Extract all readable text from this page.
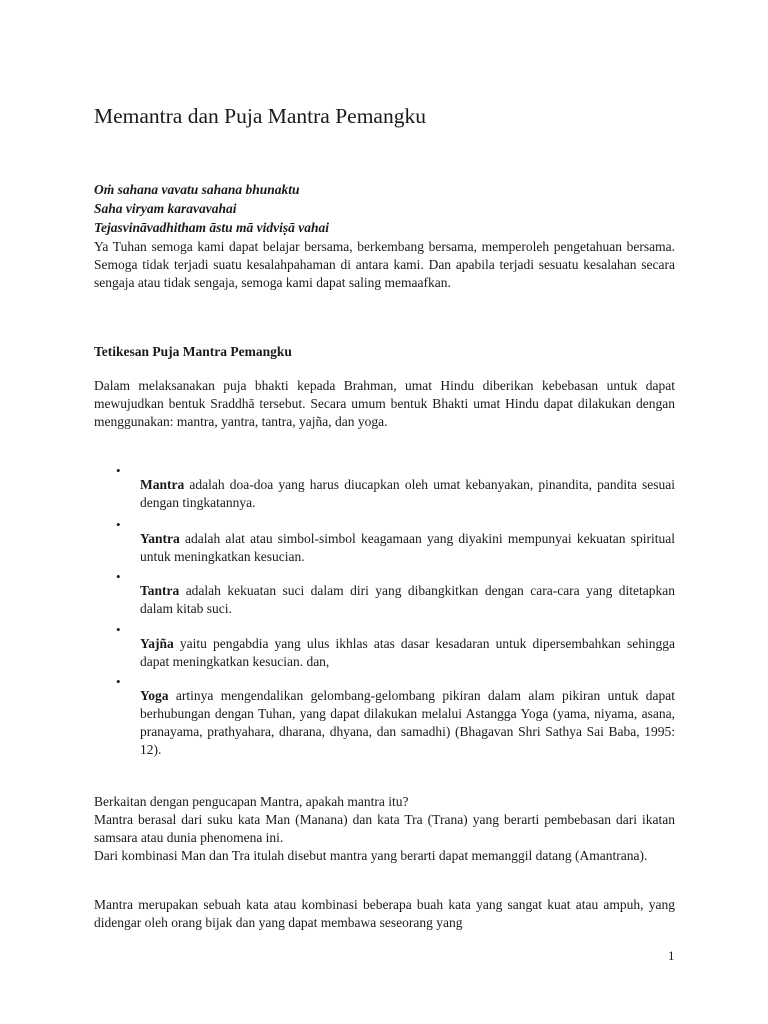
Memantra dan Puja Mantra Pemangku
Oṁ sahana vavatu sahana bhunaktu
Saha viryam karavavahai
Tejasvināvadhitham āstu mā vidviṣā vahai

Ya Tuhan semoga kami dapat belajar bersama, berkembang bersama, memperoleh pengetahuan bersama. Semoga tidak terjadi suatu kesalahpahaman di antara kami. Dan apabila terjadi sesuatu kesalahan secara sengaja atau tidak sengaja, semoga kami dapat saling memaafkan.

Tetikesan Puja Mantra Pemangku

Dalam melaksanakan puja bhakti kepada Brahman, umat Hindu diberikan kebebasan untuk dapat mewujudkan bentuk Sraddhā tersebut. Secara umum bentuk Bhakti umat Hindu dapat dilakukan dengan menggunakan: mantra, yantra, tantra, yajña, dan yoga.

•

Mantra adalah doa-doa yang harus diucapkan oleh umat kebanyakan, pinandita, pandita sesuai dengan tingkatannya.

•

Yantra adalah alat atau simbol-simbol keagamaan yang diyakini mempunyai kekuatan spiritual untuk meningkatkan kesucian.

•

Tantra adalah kekuatan suci dalam diri yang dibangkitkan dengan cara-cara yang ditetapkan dalam kitab suci.

•

Yajña yaitu pengabdia yang ulus ikhlas atas dasar kesadaran untuk dipersembahkan sehingga dapat meningkatkan kesucian. dan,

•

Yoga artinya mengendalikan gelombang-gelombang pikiran dalam alam pikiran untuk dapat berhubungan dengan Tuhan, yang dapat dilakukan melalui Astangga Yoga (yama, niyama, asana, pranayama, prathyahara, dharana, dhyana, dan samadhi) (Bhagavan Shri Sathya Sai Baba, 1995: 12).

Berkaitan dengan pengucapan Mantra, apakah mantra itu?

Mantra berasal dari suku kata Man (Manana) dan kata Tra (Trana) yang berarti pembebasan dari ikatan samsara atau dunia phenomena ini.

Dari kombinasi Man dan Tra itulah disebut mantra yang berarti dapat memanggil datang (Amantrana).

Mantra merupakan sebuah kata atau kombinasi beberapa buah kata yang sangat kuat atau ampuh, yang didengar oleh orang bijak dan yang dapat membawa seseorang yang

1
